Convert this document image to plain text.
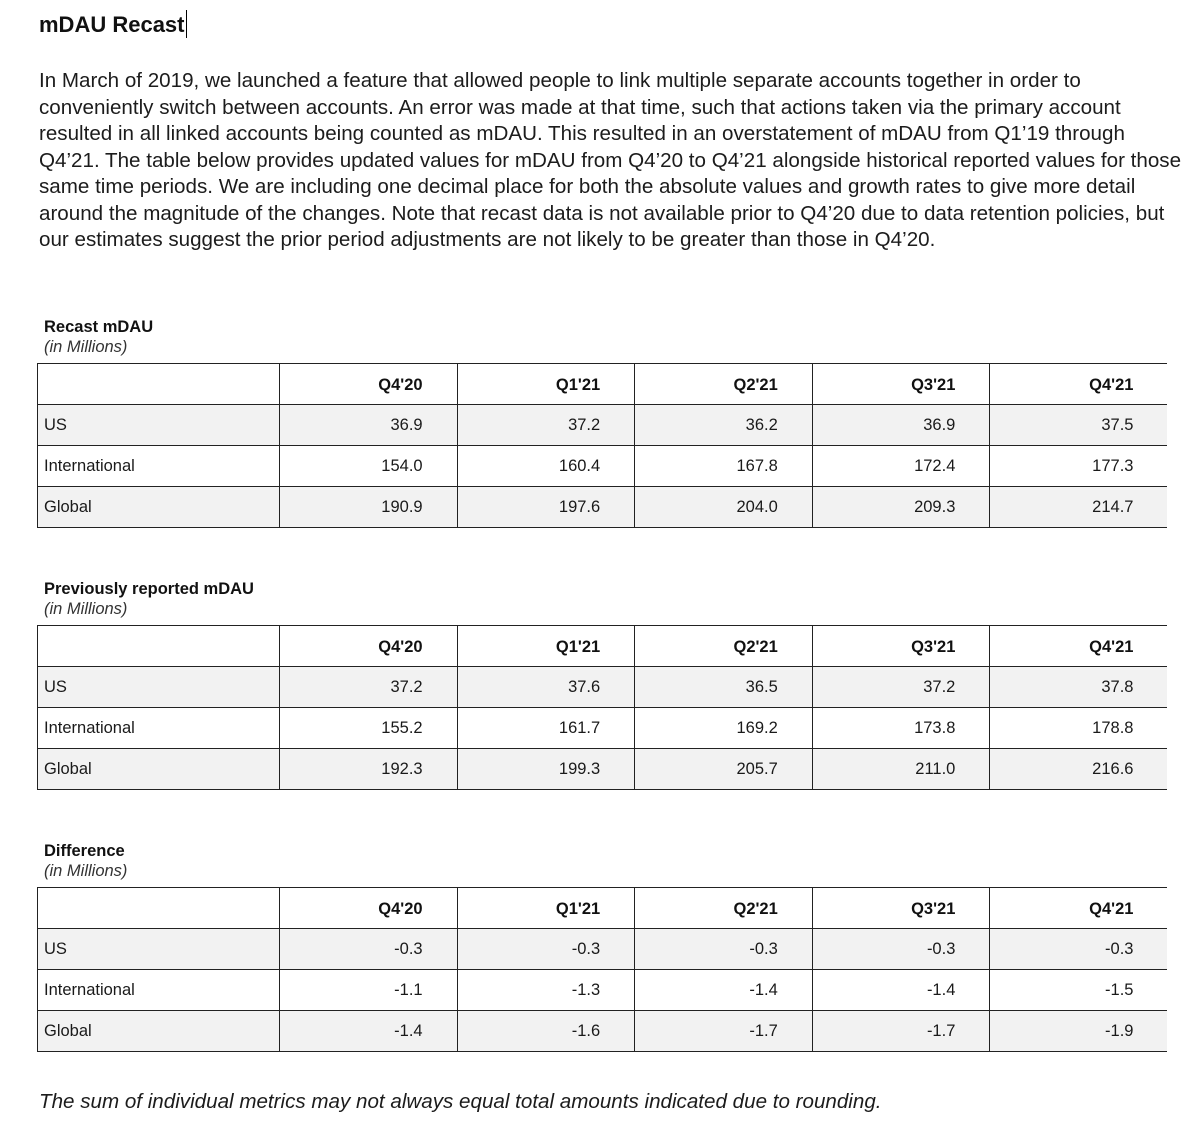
mDAU Recast

In March of 2019, we launched a feature that allowed people to link multiple separate accounts together in order to conveniently switch between accounts. An error was made at that time, such that actions taken via the primary account resulted in all linked accounts being counted as mDAU. This resulted in an overstatement of mDAU from Q1’19 through Q4’21. The table below provides updated values for mDAU from Q4’20 to Q4’21 alongside historical reported values for those same time periods. We are including one decimal place for both the absolute values and growth rates to give more detail around the magnitude of the changes. Note that recast data is not available prior to Q4’20 due to data retention policies, but our estimates suggest the prior period adjustments are not likely to be greater than those in Q4’20.

Recast mDAU
(in Millions)
	Q4'20	Q1'21	Q2'21	Q3'21	Q4'21
US	36.9	37.2	36.2	36.9	37.5
International	154.0	160.4	167.8	172.4	177.3
Global	190.9	197.6	204.0	209.3	214.7
Previously reported mDAU
(in Millions)
	Q4'20	Q1'21	Q2'21	Q3'21	Q4'21
US	37.2	37.6	36.5	37.2	37.8
International	155.2	161.7	169.2	173.8	178.8
Global	192.3	199.3	205.7	211.0	216.6
Difference
(in Millions)
	Q4'20	Q1'21	Q2'21	Q3'21	Q4'21
US	-0.3	-0.3	-0.3	-0.3	-0.3
International	-1.1	-1.3	-1.4	-1.4	-1.5
Global	-1.4	-1.6	-1.7	-1.7	-1.9
The sum of individual metrics may not always equal total amounts indicated due to rounding.
